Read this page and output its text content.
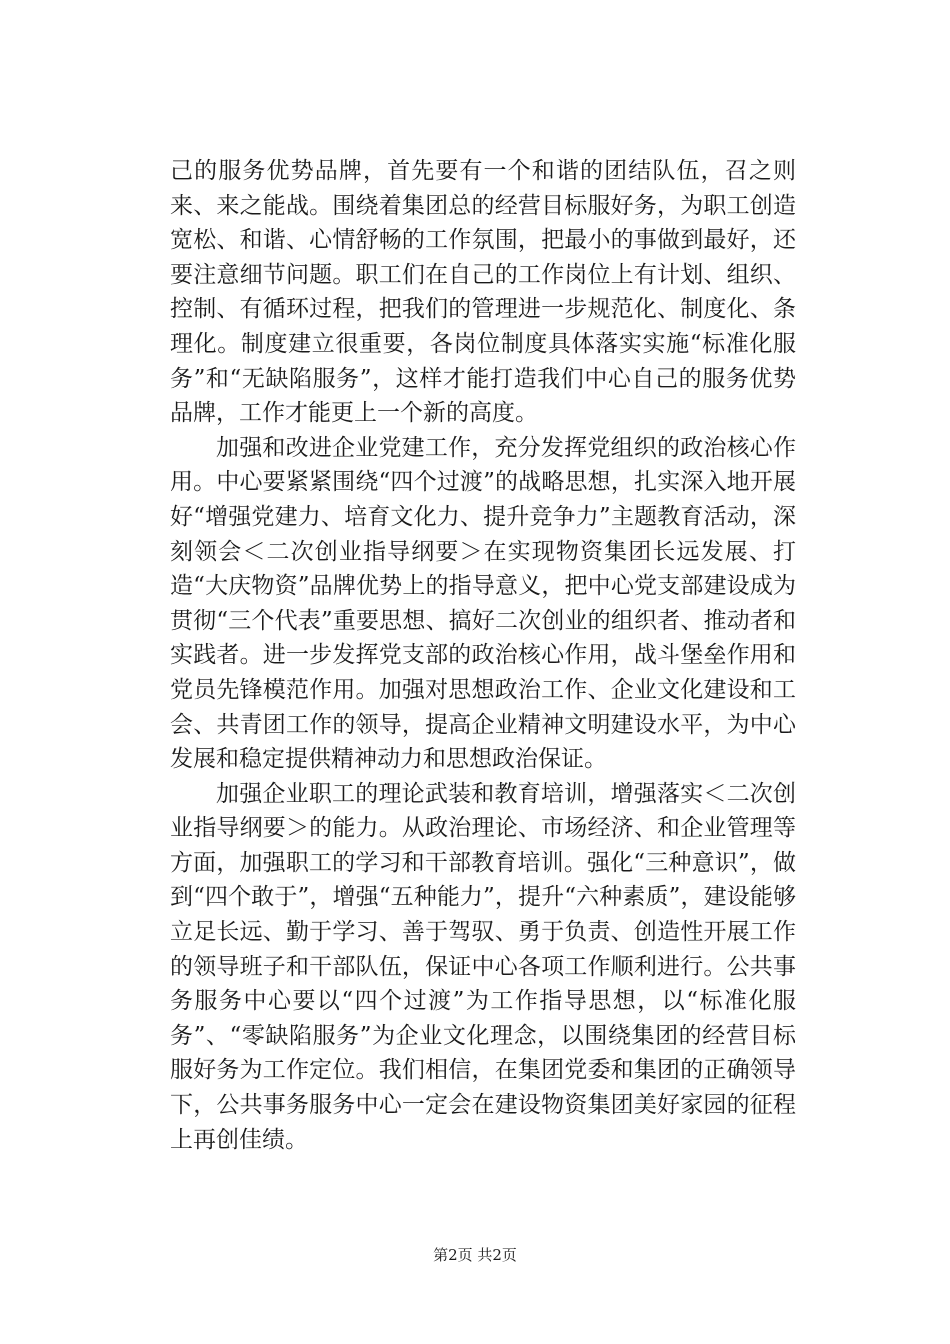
己的服务优势品牌，首先要有一个和谐的团结队伍，召之则来、来之能战。围绕着集团总的经营目标服好务，为职工创造宽松、和谐、心情舒畅的工作氛围，把最小的事做到最好，还要注意细节问题。职工们在自己的工作岗位上有计划、组织、控制、有循环过程，把我们的管理进一步规范化、制度化、条理化。制度建立很重要，各岗位制度具体落实实施“标准化服务”和“无缺陷服务”，这样才能打造我们中心自己的服务优势品牌，工作才能更上一个新的高度。

加强和改进企业党建工作，充分发挥党组织的政治核心作用。中心要紧紧围绕“四个过渡”的战略思想，扎实深入地开展好“增强党建力、培育文化力、提升竞争力”主题教育活动，深刻领会＜二次创业指导纲要＞在实现物资集团长远发展、打造“大庆物资”品牌优势上的指导意义，把中心党支部建设成为贯彻“三个代表”重要思想、搞好二次创业的组织者、推动者和实践者。进一步发挥党支部的政治核心作用，战斗堡垒作用和党员先锋模范作用。加强对思想政治工作、企业文化建设和工会、共青团工作的领导，提高企业精神文明建设水平，为中心发展和稳定提供精神动力和思想政治保证。

加强企业职工的理论武装和教育培训，增强落实＜二次创业指导纲要＞的能力。从政治理论、市场经济、和企业管理等方面，加强职工的学习和干部教育培训。强化“三种意识”，做到“四个敢于”，增强“五种能力”，提升“六种素质”，建设能够立足长远、勤于学习、善于驾驭、勇于负责、创造性开展工作的领导班子和干部队伍，保证中心各项工作顺利进行。公共事务服务中心要以“四个过渡”为工作指导思想，以“标准化服务”、“零缺陷服务”为企业文化理念，以围绕集团的经营目标服好务为工作定位。我们相信，在集团党委和集团的正确领导下，公共事务服务中心一定会在建设物资集团美好家园的征程上再创佳绩。

第2页 共2页
